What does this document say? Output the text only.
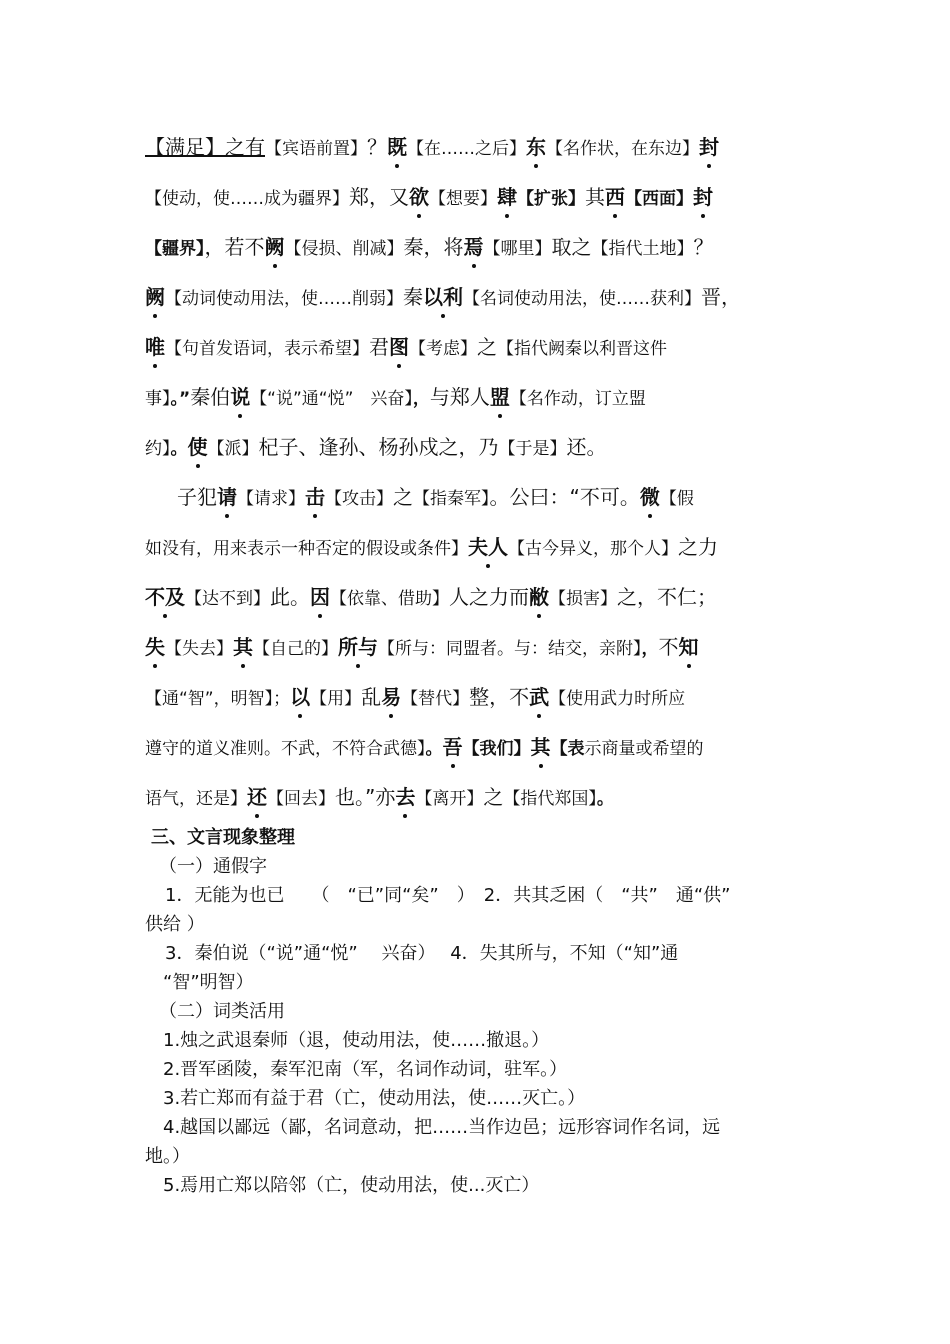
【满足】之有【宾语前置】？既【在……之后】东【名作状，在东边】封
【使动，使……成为疆界】郑，又欲【想要】肆【扩张】其西【西面】封
【疆界】，若不阙【侵损、削减】秦，将焉【哪里】取之【指代土地】？
阙【动词使动用法，使……削弱】秦以利【名词使动用法，使……获利】晋，
唯【句首发语词，表示希望】君图【考虑】之【指代阙秦以利晋这件
事】。”秦伯说【“说”通“悦”　兴奋】，与郑人盟【名作动，订立盟
约】。使【派】杞子、逢孙、杨孙戍之，乃【于是】还。
子犯请【请求】击【攻击】之【指秦军】。公曰：“不可。微【假
如没有，用来表示一种否定的假设或条件】夫人【古今异义，那个人】之力
不及【达不到】此。因【依靠、借助】人之力而敝【损害】之，不仁；
失【失去】其【自己的】所与【所与：同盟者。与：结交，亲附】，不知
【通“智”，明智】；以【用】乱易【替代】整，不武【使用武力时所应
遵守的道义准则。不武，不符合武德】。吾【我们】其【表示商量或希望的
语气，还是】还【回去】也。”亦去【离开】之【指代郑国】。
三、文言现象整理
（一）通假字
1．无能为也已　　（　“已”同“矣”　）　2．共其乏困（　“共”　通“供”
供给 ）
3．秦伯说（“说”通“悦”　 兴奋）　 4．失其所与，不知（“知”通
“智”明智）
（二）词类活用
1.烛之武退秦师（退，使动用法，使……撤退。）
2.晋军函陵，秦军氾南（军，名词作动词，驻军。）
3.若亡郑而有益于君（亡，使动用法，使……灭亡。）
4.越国以鄙远（鄙，名词意动，把……当作边邑；远形容词作名词，远
地。）
5.焉用亡郑以陪邻（亡，使动用法，使...灭亡）
